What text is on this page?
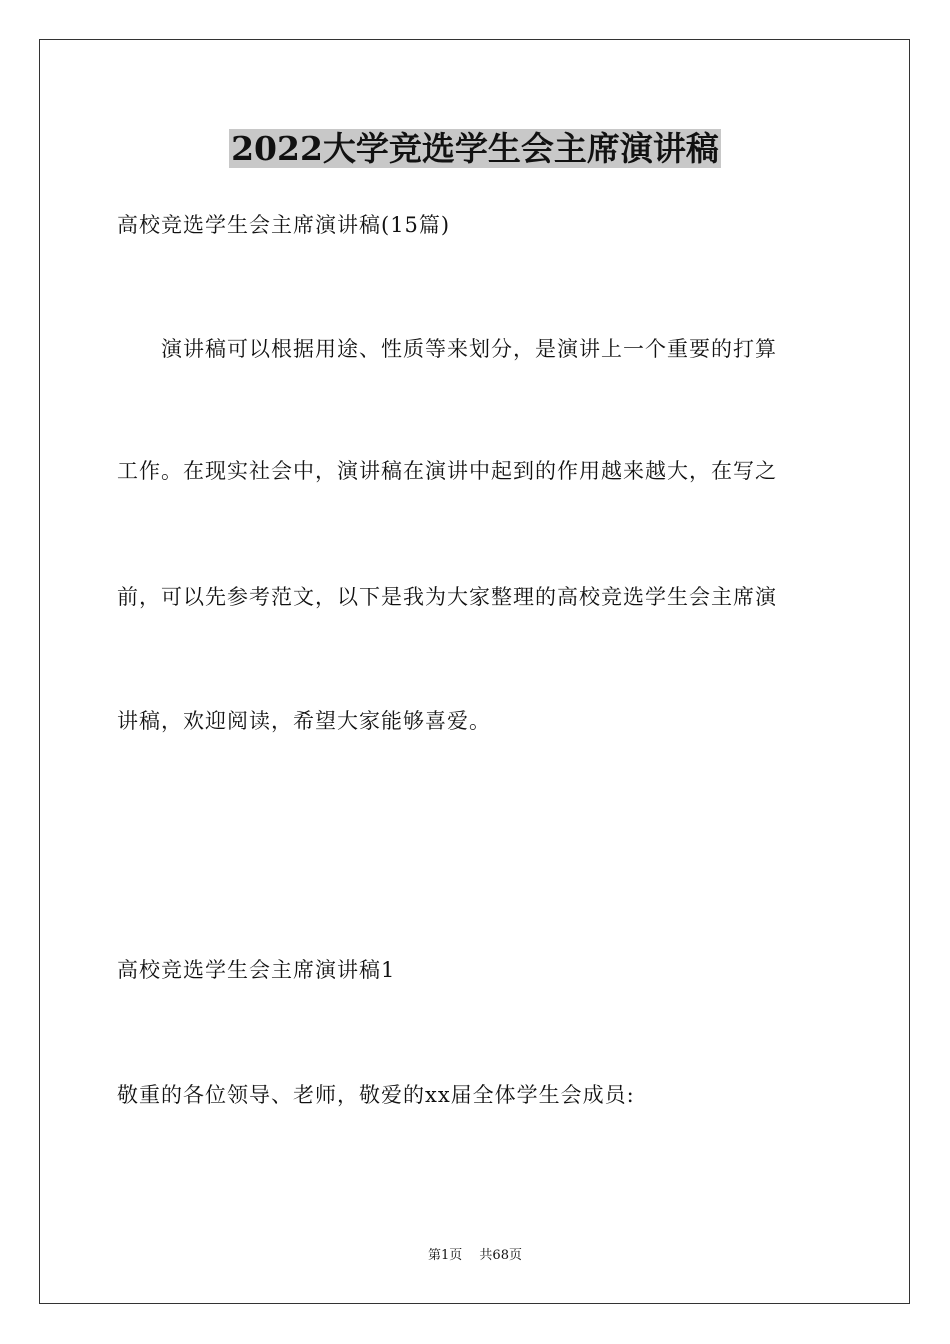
2022大学竞选学生会主席演讲稿
高校竞选学生会主席演讲稿(15篇)
　　演讲稿可以根据用途、性质等来划分，是演讲上一个重要的打算
工作。在现实社会中，演讲稿在演讲中起到的作用越来越大，在写之
前，可以先参考范文，以下是我为大家整理的高校竞选学生会主席演
讲稿，欢迎阅读，希望大家能够喜爱。
高校竞选学生会主席演讲稿1
敬重的各位领导、老师，敬爱的xx届全体学生会成员:
第1页　 共68页
